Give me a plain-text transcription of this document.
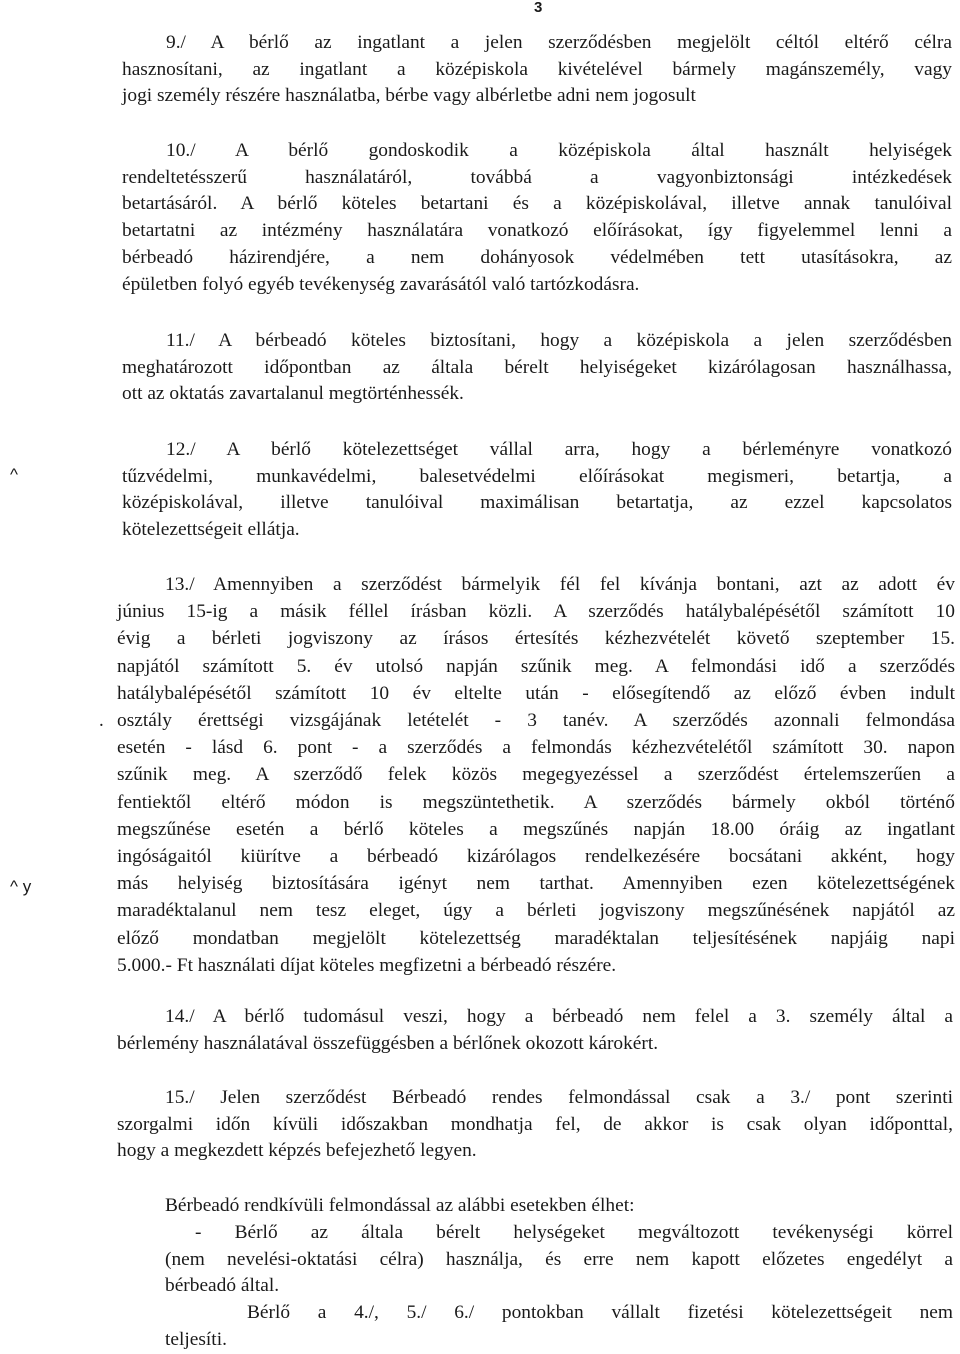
3
^
.
^ y
9./ A bérlő az ingatlant a jelen szerződésben megjelölt céltól eltérő célra
hasznosítani, az ingatlant a középiskola kivételével bármely magánszemély, vagy
jogi személy részére használatba, bérbe vagy albérletbe adni nem jogosult
10./ A bérlő gondoskodik a középiskola által használt helyiségek
rendeltetésszerű használatáról, továbbá a vagyonbiztonsági intézkedések
betartásáról. A bérlő köteles betartani és a középiskolával, illetve annak tanulóival
betartatni az intézmény használatára vonatkozó előírásokat, így figyelemmel lenni a
bérbeadó házirendjére, a nem dohányosok védelmében tett utasításokra, az
épületben folyó egyéb tevékenység zavarásától való tartózkodásra.
11./ A bérbeadó köteles biztosítani, hogy a középiskola a jelen szerződésben
meghatározott időpontban az általa bérelt helyiségeket kizárólagosan használhassa,
ott az oktatás zavartalanul megtörténhessék.
12./ A bérlő kötelezettséget vállal arra, hogy a bérleményre vonatkozó
tűzvédelmi, munkavédelmi, balesetvédelmi előírásokat megismeri, betartja, a
középiskolával, illetve tanulóival maximálisan betartatja, az ezzel kapcsolatos
kötelezettségeit ellátja.
13./ Amennyiben a szerződést bármelyik fél fel kívánja bontani, azt az adott év
június 15-ig a másik féllel írásban közli. A szerződés hatálybalépésétől számított 10
évig a bérleti jogviszony az írásos értesítés kézhezvételét követő szeptember 15.
napjától számított 5. év utolsó napján szűnik meg. A felmondási idő a szerződés
hatálybalépésétől számított 10 év eltelte után - elősegítendő az előző évben indult
osztály érettségi vizsgájának letételét - 3 tanév. A szerződés azonnali felmondása
esetén - lásd 6. pont - a szerződés a felmondás kézhezvételétől számított 30. napon
szűnik meg. A szerződő felek közös megegyezéssel a szerződést értelemszerűen a
fentiektől eltérő módon is megszüntethetik. A szerződés bármely okból történő
megszűnése esetén a bérlő köteles a megszűnés napján 18.00 óráig az ingatlant
ingóságaitól kiürítve a bérbeadó kizárólagos rendelkezésére bocsátani akként, hogy
más helyiség biztosítására igényt nem tarthat. Amennyiben ezen kötelezettségének
maradéktalanul nem tesz eleget, úgy a bérleti jogviszony megszűnésének napjától az
előző mondatban megjelölt kötelezettség maradéktalan teljesítésének napjáig napi
5.000.- Ft használati díjat köteles megfizetni a bérbeadó részére.
14./ A bérlő tudomásul veszi, hogy a bérbeadó nem felel a 3. személy által a
bérlemény használatával összefüggésben a bérlőnek okozott károkért.
15./ Jelen szerződést Bérbeadó rendes felmondással csak a 3./ pont szerinti
szorgalmi időn kívüli időszakban mondhatja fel, de akkor is csak olyan időponttal,
hogy a megkezdett képzés befejezhető legyen.
Bérbeadó rendkívüli felmondással az alábbi esetekben élhet:
- Bérlő az általa bérelt helységeket megváltozott tevékenységi körrel
(nem nevelési-oktatási célra) használja, és erre nem kapott előzetes engedélyt a
bérbeadó által.
Bérlő a 4./, 5./ 6./ pontokban vállalt fizetési kötelezettségeit nem
teljesíti.
